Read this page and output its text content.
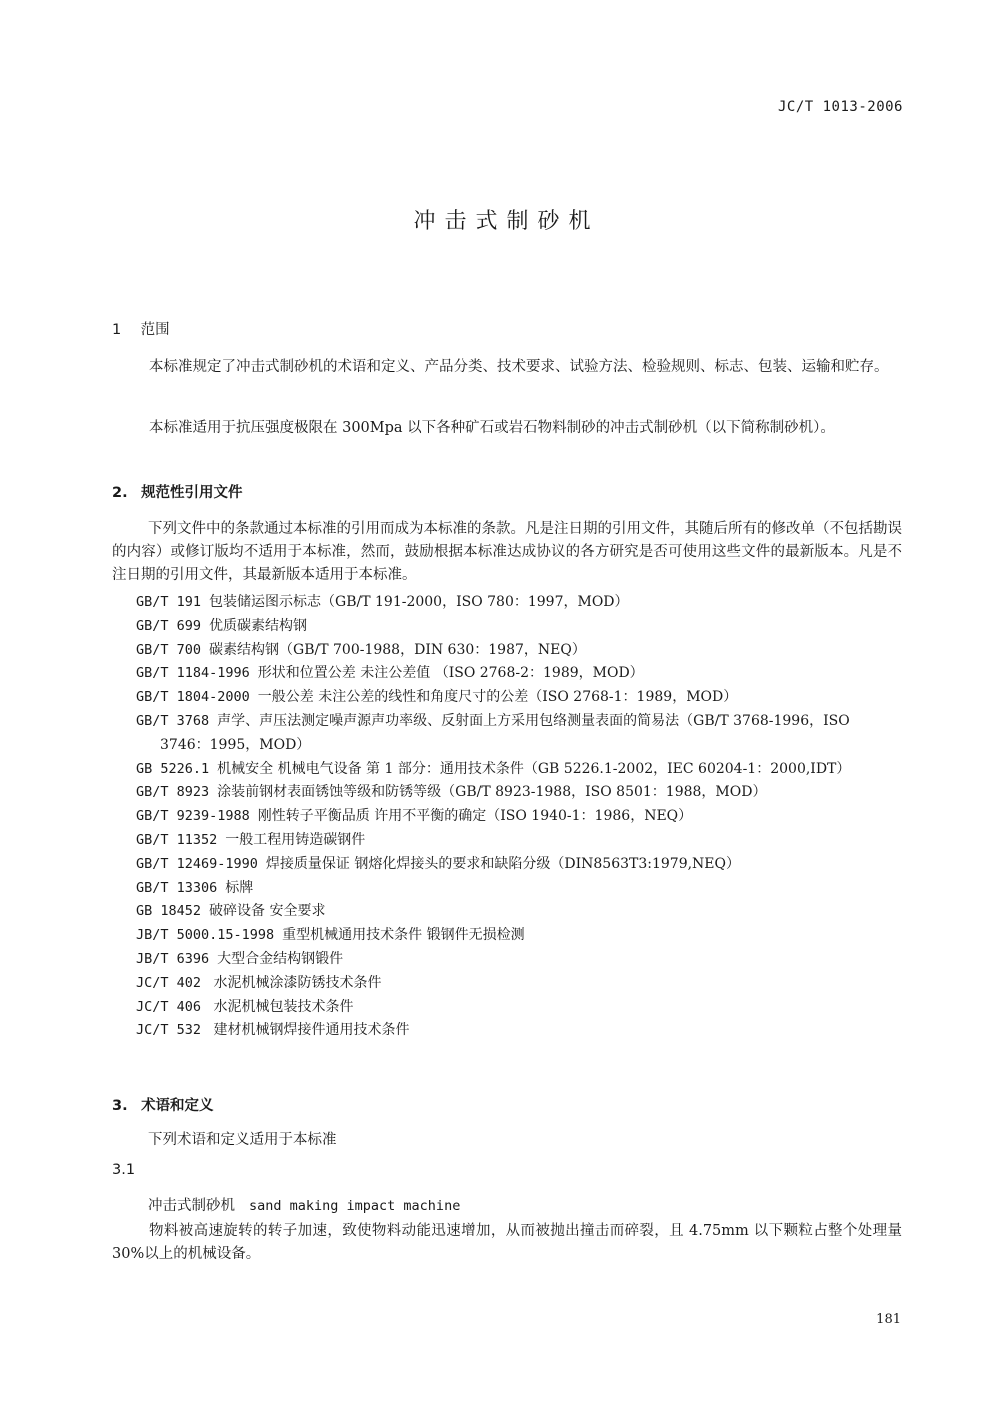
JC/T 1013-2006
冲击式制砂机
1 范围
本标准规定了冲击式制砂机的术语和定义、产品分类、技术要求、试验方法、检验规则、标志、包装、运输和贮存。
本标准适用于抗压强度极限在 300Mpa 以下各种矿石或岩石物料制砂的冲击式制砂机（以下简称制砂机）。
2. 规范性引用文件
下列文件中的条款通过本标准的引用而成为本标准的条款。凡是注日期的引用文件，其随后所有的修改单（不包括勘误的内容）或修订版均不适用于本标准，然而，鼓励根据本标准达成协议的各方研究是否可使用这些文件的最新版本。凡是不注日期的引用文件，其最新版本适用于本标准。
GB/T 191 包装储运图示标志（GB/T 191-2000，ISO 780：1997，MOD）
GB/T 699 优质碳素结构钢
GB/T 700 碳素结构钢（GB/T 700-1988，DIN 630：1987，NEQ）
GB/T 1184-1996 形状和位置公差 未注公差值 （ISO 2768-2：1989，MOD）
GB/T 1804-2000 一般公差 未注公差的线性和角度尺寸的公差（ISO 2768-1：1989，MOD）
GB/T 3768 声学、声压法测定噪声源声功率级、反射面上方采用包络测量表面的简易法（GB/T 3768-1996，ISO 3746：1995，MOD）
GB 5226.1 机械安全 机械电气设备 第 1 部分：通用技术条件（GB 5226.1-2002，IEC 60204-1：2000,IDT）
GB/T 8923 涂装前钢材表面锈蚀等级和防锈等级（GB/T 8923-1988，ISO 8501：1988，MOD）
GB/T 9239-1988 刚性转子平衡品质 许用不平衡的确定（ISO 1940-1：1986，NEQ）
GB/T 11352 一般工程用铸造碳钢件
GB/T 12469-1990 焊接质量保证 钢熔化焊接头的要求和缺陷分级（DIN8563T3:1979,NEQ）
GB/T 13306 标牌
GB 18452 破碎设备 安全要求
JB/T 5000.15-1998 重型机械通用技术条件 锻钢件无损检测
JB/T 6396 大型合金结构钢锻件
JC/T 402 水泥机械涂漆防锈技术条件
JC/T 406 水泥机械包装技术条件
JC/T 532 建材机械钢焊接件通用技术条件
3. 术语和定义
下列术语和定义适用于本标准
3.1
冲击式制砂机 sand making impact machine
物料被高速旋转的转子加速，致使物料动能迅速增加，从而被抛出撞击而碎裂，且 4.75mm 以下颗粒占整个处理量 30%以上的机械设备。
181
